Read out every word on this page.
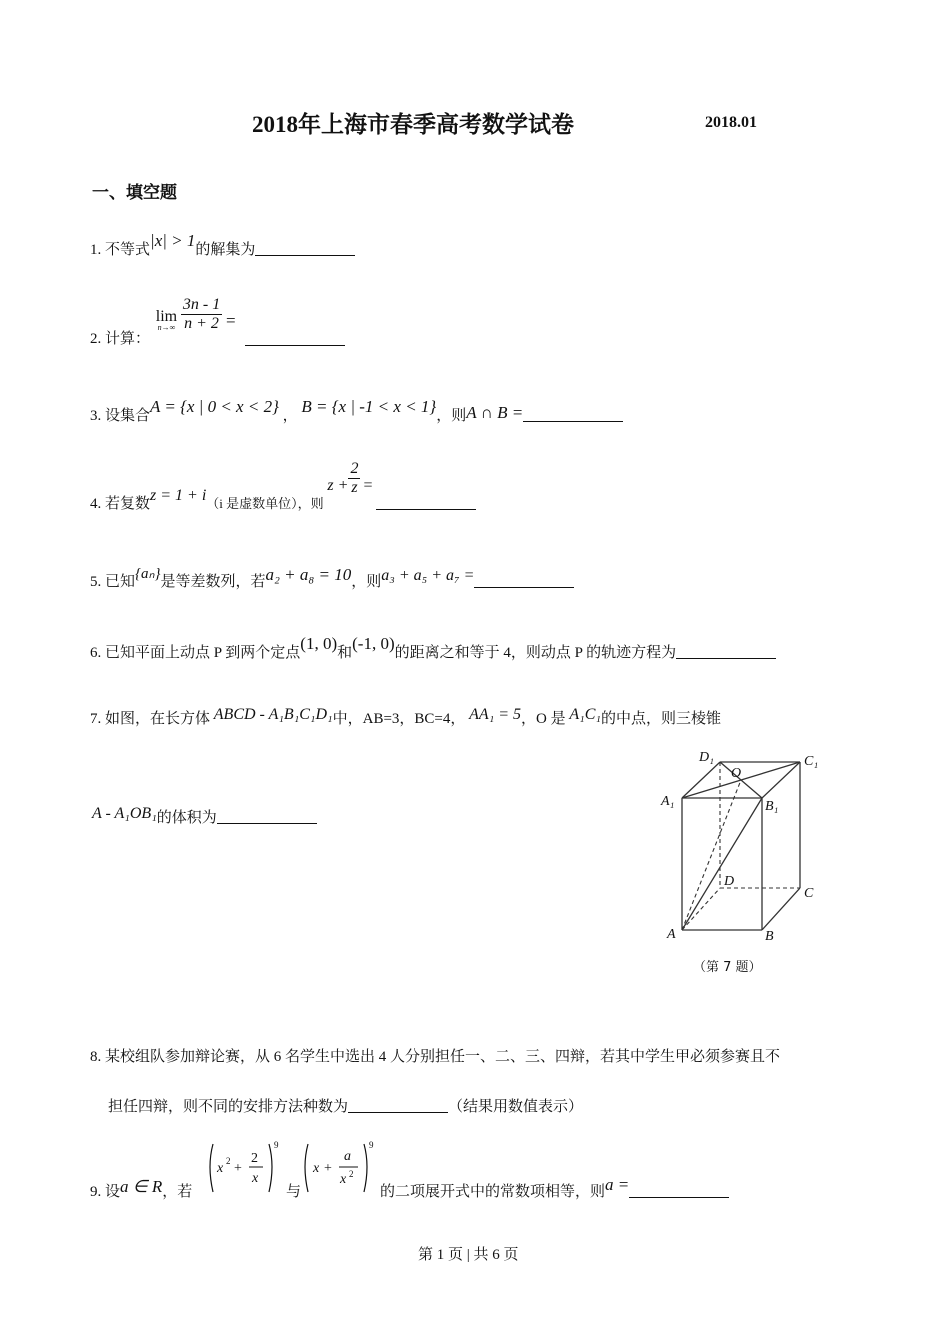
2018年上海市春季高考数学试卷	2018.01
一、填空题
1. 不等式|x| > 1的解集为
2. 计算：
lim
n→∞
$\frac{3n - 1}{n + 2}$ =
3. 设集合A = {x | 0 < x < 2} ， B = {x | -1 < x < 1}，则A ∩ B =
4. 若复数z = 1 + i（i 是虚数单位），则 $z + \frac{2}{z}$ =
5. 已知{aₙ}是等差数列，若a₂ + a₈ = 10，则a₃ + a₅ + a₇ =
6. 已知平面上动点 P 到两个定点(1, 0)和(-1, 0)的距离之和等于 4，则动点 P 的轨迹方程为
7. 如图，在长方体 ABCD - A₁B₁C₁D₁中，AB=3，BC=4， AA₁ = 5，O 是 A₁C₁的中点，则三棱锥
A - A₁OB₁的体积为
D₁
O
C₁
A₁	B₁
D
C
A	B
（第 7 题）
8. 某校组队参加辩论赛，从 6 名学生中选出 4 人分别担任一、二、三、四辩，若其中学生甲必须参赛且不
担任四辩，则不同的安排方法种数为	（结果用数值表示）
9. 设a ∈ R，若
x 2 +
2
x
9
与
x +
a
x 2
9
的二项展开式中的常数项相等，则a =
第 1 页 | 共 6 页
